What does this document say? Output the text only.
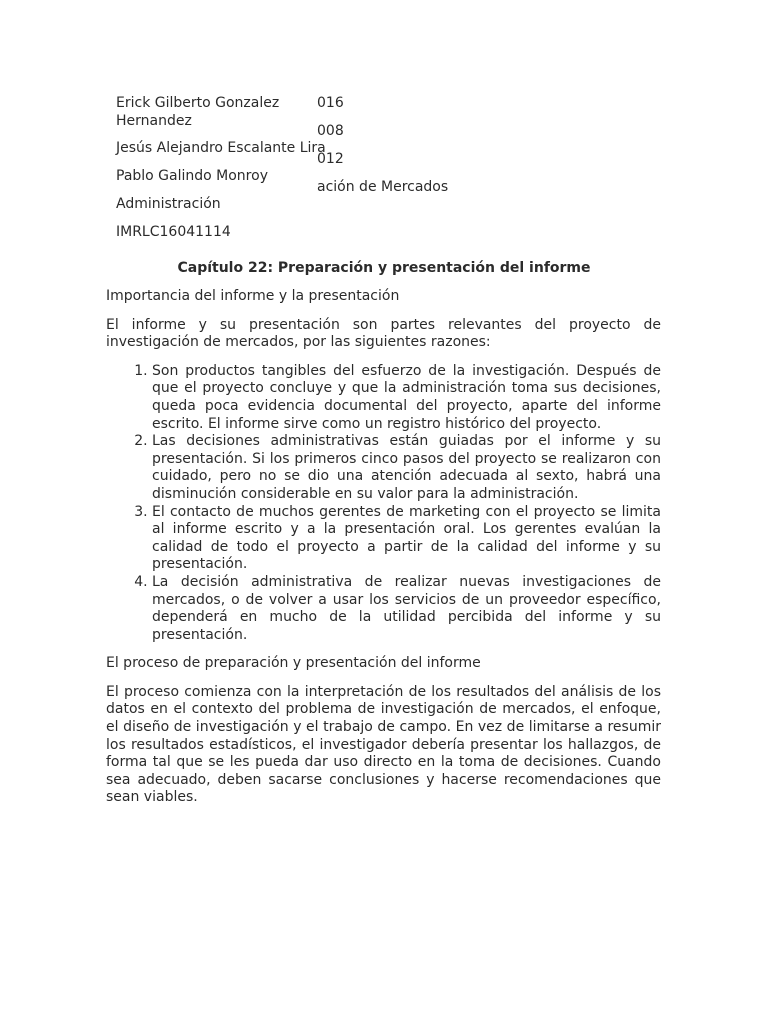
Erick Gilberto Gonzalez Hernandez
Jesús Alejandro Escalante Lira
Pablo Galindo Monroy
Administración
IMRLC16041114
016
008
012
ación de Mercados
Capítulo 22: Preparación y presentación del informe

Importancia del informe y la presentación

El informe y su presentación son partes relevantes del proyecto de investigación de mercados, por las siguientes razones:

1. Son productos tangibles del esfuerzo de la investigación. Después de que el proyecto concluye y que la administración toma sus decisiones, queda poca evidencia documental del proyecto, aparte del informe escrito. El informe sirve como un registro histórico del proyecto.
2. Las decisiones administrativas están guiadas por el informe y su presentación. Si los primeros cinco pasos del proyecto se realizaron con cuidado, pero no se dio una atención adecuada al sexto, habrá una disminución considerable en su valor para la administración.
3. El contacto de muchos gerentes de marketing con el proyecto se limita al informe escrito y a la presentación oral. Los gerentes evalúan la calidad de todo el proyecto a partir de la calidad del informe y su presentación.
4. La decisión administrativa de realizar nuevas investigaciones de mercados, o de volver a usar los servicios de un proveedor específico, dependerá en mucho de la utilidad percibida del informe y su presentación.

El proceso de preparación y presentación del informe

El proceso comienza con la interpretación de los resultados del análisis de los datos en el contexto del problema de investigación de mercados, el enfoque, el diseño de investigación y el trabajo de campo. En vez de limitarse a resumir los resultados estadísticos, el investigador debería presentar los hallazgos, de forma tal que se les pueda dar uso directo en la toma de decisiones. Cuando sea adecuado, deben sacarse conclusiones y hacerse recomendaciones que sean viables.
